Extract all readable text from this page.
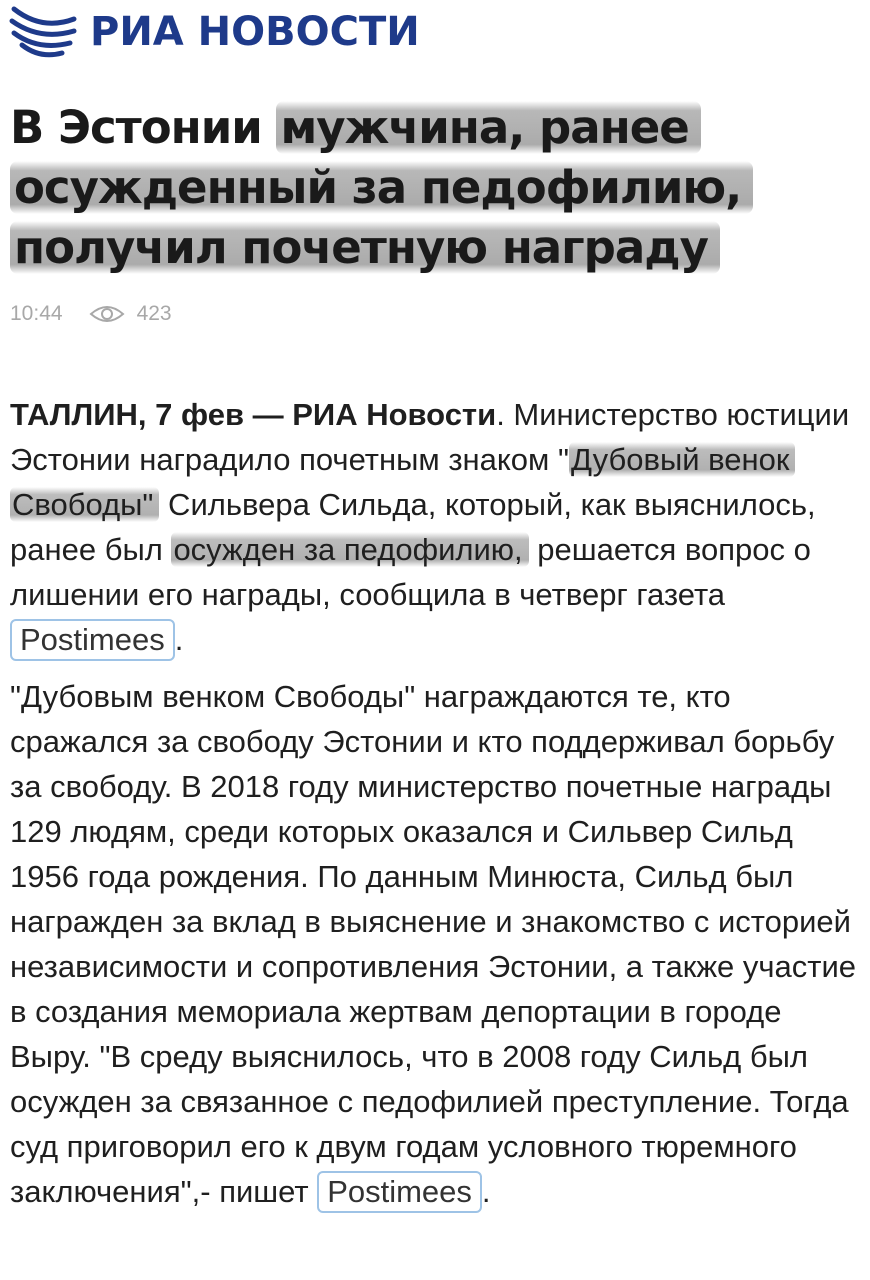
РИА НОВОСТИ
В Эстонии мужчина, ранее осужденный за педофилию, получил почетную награду
10:44	423

ТАЛЛИН, 7 фев — РИА Новости. Министерство юстиции Эстонии наградило почетным знаком "Дубовый венок Свободы" Сильвера Сильда, который, как выяснилось, ранее был осужден за педофилию, решается вопрос о лишении его награды, сообщила в четверг газета Postimees .

"Дубовым венком Свободы" награждаются те, кто сражался за свободу Эстонии и кто поддерживал борьбу за свободу. В 2018 году министерство почетные награды 129 людям, среди которых оказался и Сильвер Сильд 1956 года рождения. По данным Минюста, Сильд был награжден за вклад в выяснение и знакомство с историей независимости и сопротивления Эстонии, а также участие в создания мемориала жертвам депортации в городе Выру. "В среду выяснилось, что в 2008 году Сильд был осужден за связанное с педофилией преступление. Тогда суд приговорил его к двум годам условного тюремного заключения",- пишет Postimees .
